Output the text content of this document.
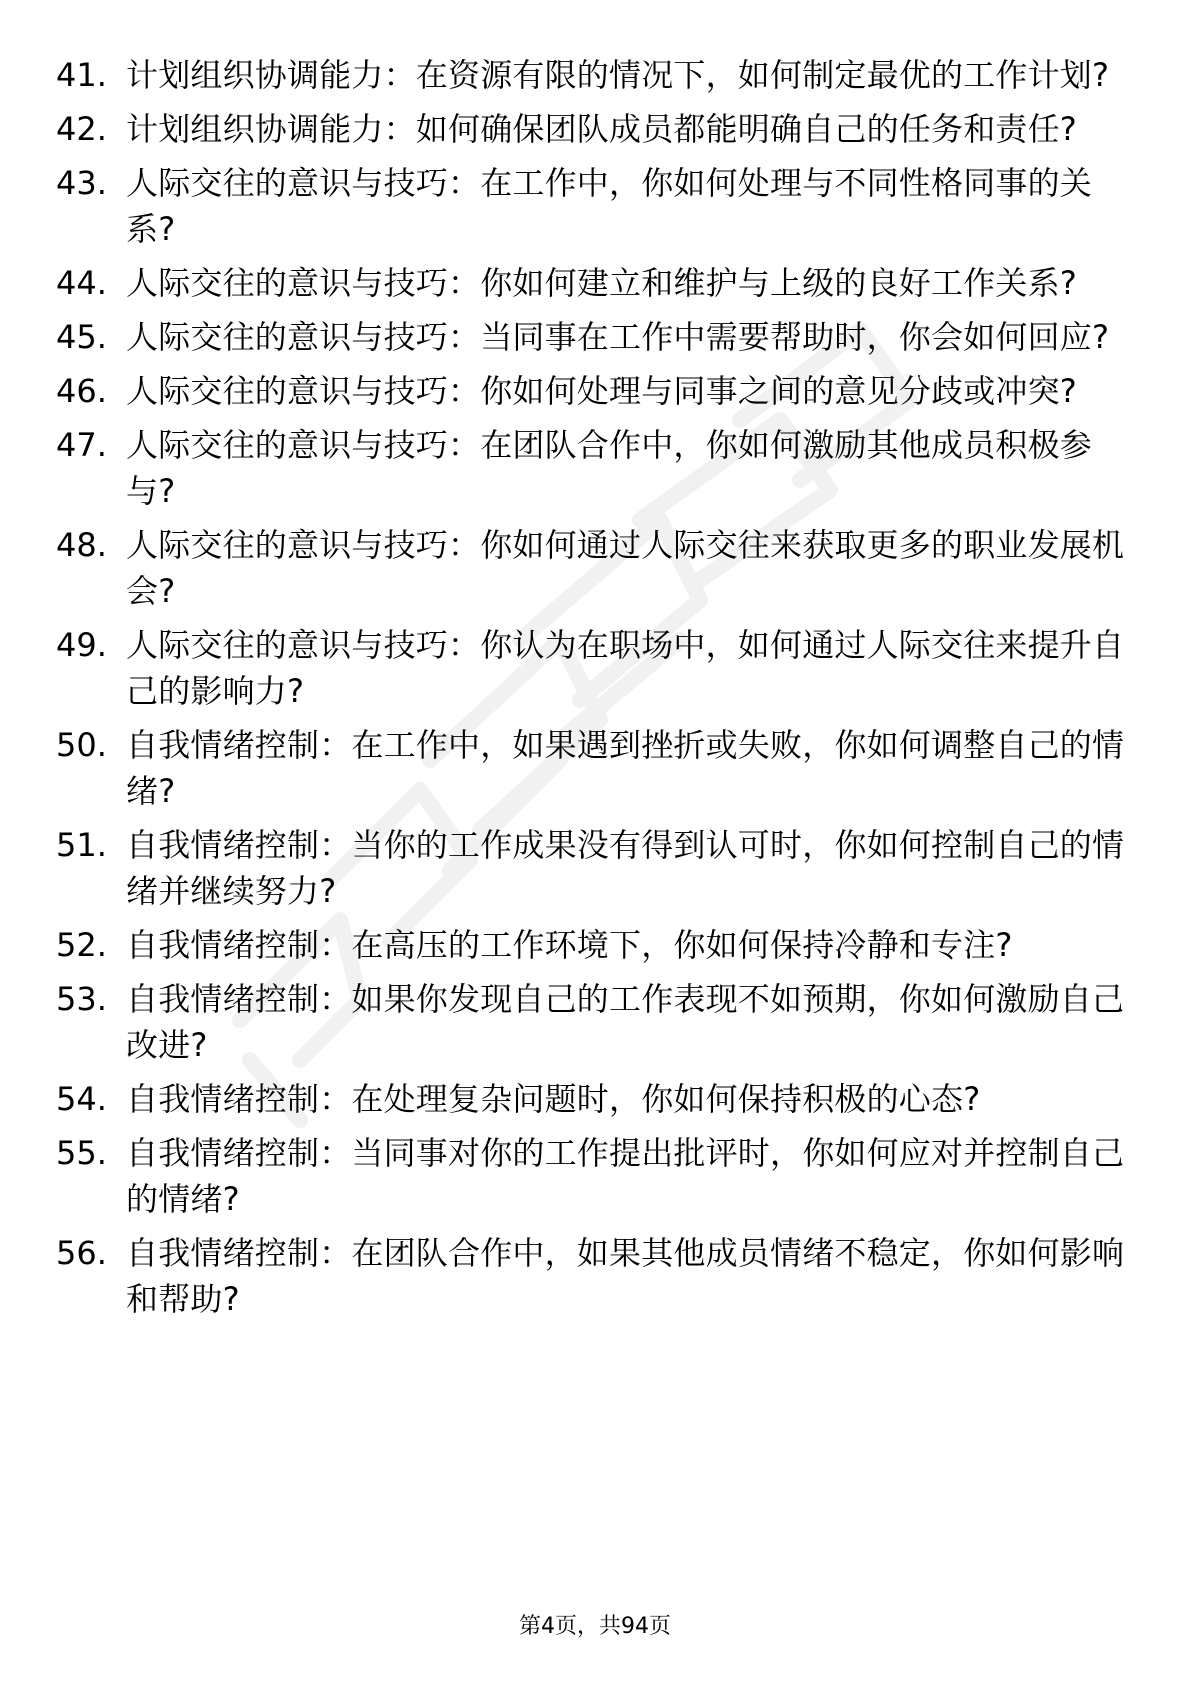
41. 计划组织协调能力：在资源有限的情况下，如何制定最优的工作计划?
42. 计划组织协调能力：如何确保团队成员都能明确自己的任务和责任?
43. 人际交往的意识与技巧：在工作中，你如何处理与不同性格同事的关系?
44. 人际交往的意识与技巧：你如何建立和维护与上级的良好工作关系?
45. 人际交往的意识与技巧：当同事在工作中需要帮助时，你会如何回应?
46. 人际交往的意识与技巧：你如何处理与同事之间的意见分歧或冲突?
47. 人际交往的意识与技巧：在团队合作中，你如何激励其他成员积极参与?
48. 人际交往的意识与技巧：你如何通过人际交往来获取更多的职业发展机会?
49. 人际交往的意识与技巧：你认为在职场中，如何通过人际交往来提升自己的影响力?
50. 自我情绪控制：在工作中，如果遇到挫折或失败，你如何调整自己的情绪?
51. 自我情绪控制：当你的工作成果没有得到认可时，你如何控制自己的情绪并继续努力?
52. 自我情绪控制：在高压的工作环境下，你如何保持冷静和专注?
53. 自我情绪控制：如果你发现自己的工作表现不如预期，你如何激励自己改进?
54. 自我情绪控制：在处理复杂问题时，你如何保持积极的心态?
55. 自我情绪控制：当同事对你的工作提出批评时，你如何应对并控制自己的情绪?
56. 自我情绪控制：在团队合作中，如果其他成员情绪不稳定，你如何影响和帮助?
第4页，共94页
